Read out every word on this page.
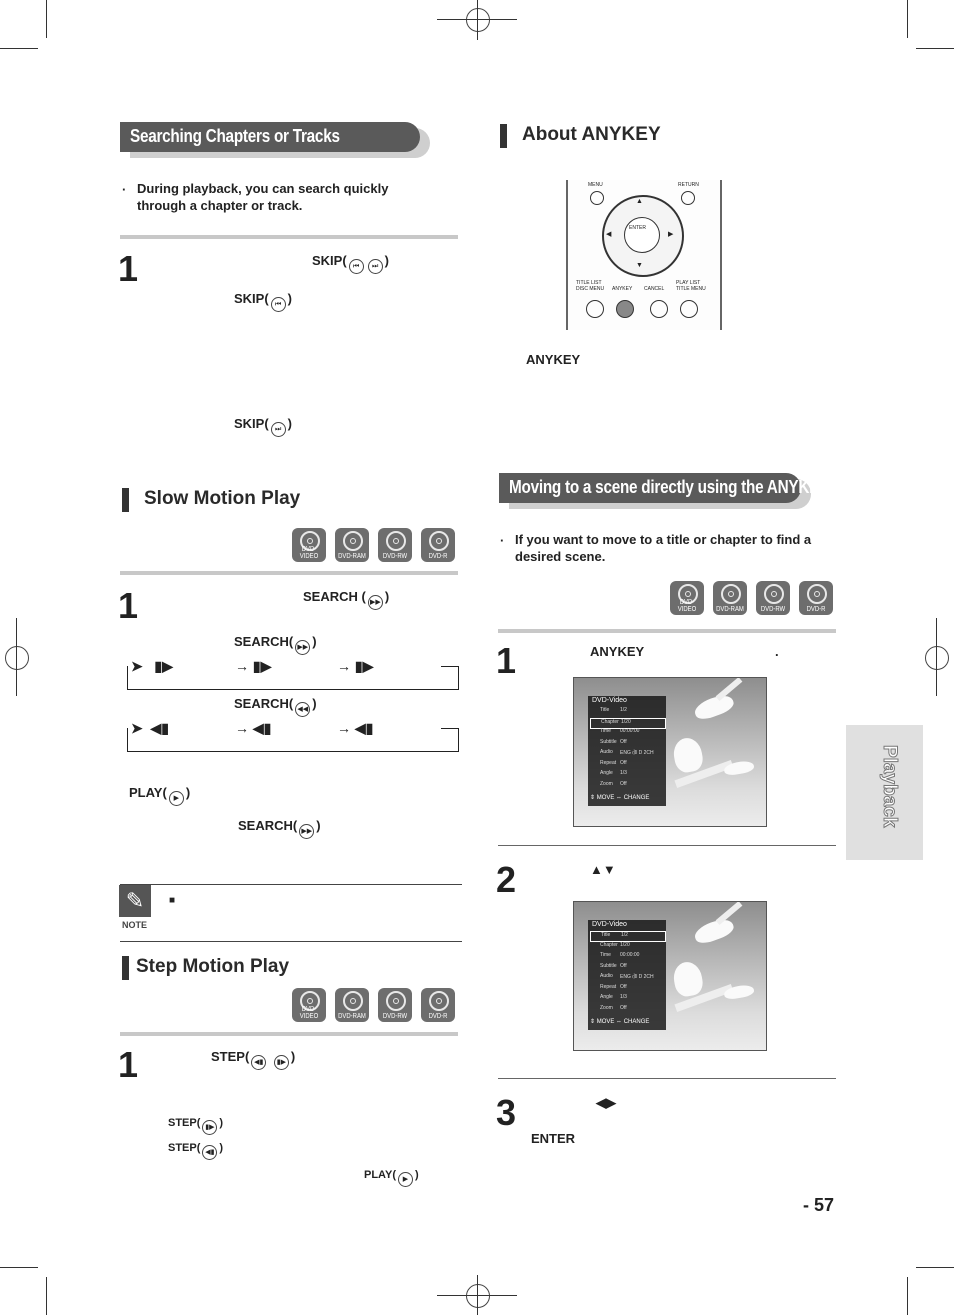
Searching Chapters or Tracks
· During playback, you can search quickly through a chapter or track.
1	SKIP( ⏮ ⏭ )
SKIP( ⏮ )
SKIP( ⏭ )
Slow Motion Play
DVD-VIDEO	DVD-RAM	DVD-RW	DVD-R
1	SEARCH ( ▶▶ )
SEARCH( ▶▶ )
➤   ▮▶	→ ▮▶	→ ▮▶
SEARCH( ◀◀ )
➤  ◀▮	→ ◀▮	→ ◀▮
PLAY( ▶ )
SEARCH( ▶▶ )
✎
NOTE
■
Step Motion Play
DVD-VIDEO	DVD-RAM	DVD-RW	DVD-R
1	STEP( ◀▮ ▮▶ )
STEP( ▮▶ )
STEP( ◀▮ )
PLAY( ▶ )
About ANYKEY
MENU	RETURN
ENTER
▲
▼
◀	▶
TITLE LIST
DISC MENU ANYKEY CANCEL
PLAY LIST
TITLE MENU
ANYKEY
Moving to a scene directly using the ANYKEY
· If you want to move to a title or chapter to find a desired scene.
DVD-VIDEO	DVD-RAM	DVD-RW	DVD-R
1	ANYKEY	.
DVD-Video
Title 1/2
Chapter 1/20
Time 00:00:00
Subtitle Off
Audio ENG ㏈ D 2CH
Repeat Off
Angle 1/3
Zoom Off
⇕ MOVE ⇔ CHANGE
2	▲▼
DVD-Video
Title 1/2
Chapter 1/20
Time 00:00:00
Subtitle Off
Audio ENG ㏈ D 2CH
Repeat Off
Angle 1/3
Zoom Off
⇕ MOVE ⇔ CHANGE
3	◀▶
ENTER
- 57
Playback
